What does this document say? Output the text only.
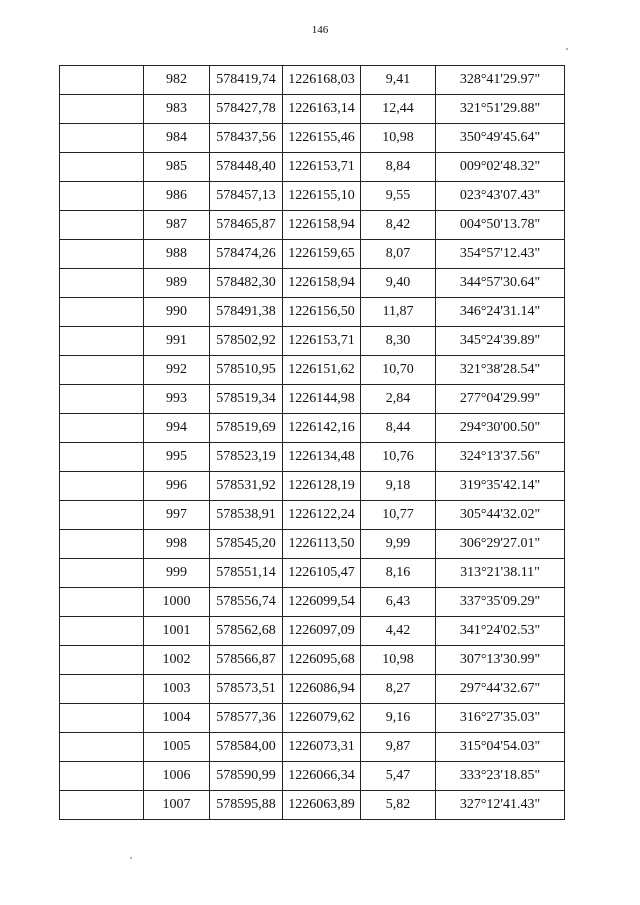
146
	982	578419,74	1226168,03	9,41	328°41'29.97"
	983	578427,78	1226163,14	12,44	321°51'29.88"
	984	578437,56	1226155,46	10,98	350°49'45.64"
	985	578448,40	1226153,71	8,84	009°02'48.32"
	986	578457,13	1226155,10	9,55	023°43'07.43"
	987	578465,87	1226158,94	8,42	004°50'13.78"
	988	578474,26	1226159,65	8,07	354°57'12.43"
	989	578482,30	1226158,94	9,40	344°57'30.64"
	990	578491,38	1226156,50	11,87	346°24'31.14"
	991	578502,92	1226153,71	8,30	345°24'39.89"
	992	578510,95	1226151,62	10,70	321°38'28.54"
	993	578519,34	1226144,98	2,84	277°04'29.99"
	994	578519,69	1226142,16	8,44	294°30'00.50"
	995	578523,19	1226134,48	10,76	324°13'37.56"
	996	578531,92	1226128,19	9,18	319°35'42.14"
	997	578538,91	1226122,24	10,77	305°44'32.02"
	998	578545,20	1226113,50	9,99	306°29'27.01"
	999	578551,14	1226105,47	8,16	313°21'38.11"
	1000	578556,74	1226099,54	6,43	337°35'09.29"
	1001	578562,68	1226097,09	4,42	341°24'02.53"
	1002	578566,87	1226095,68	10,98	307°13'30.99"
	1003	578573,51	1226086,94	8,27	297°44'32.67"
	1004	578577,36	1226079,62	9,16	316°27'35.03"
	1005	578584,00	1226073,31	9,87	315°04'54.03"
	1006	578590,99	1226066,34	5,47	333°23'18.85"
	1007	578595,88	1226063,89	5,82	327°12'41.43"
